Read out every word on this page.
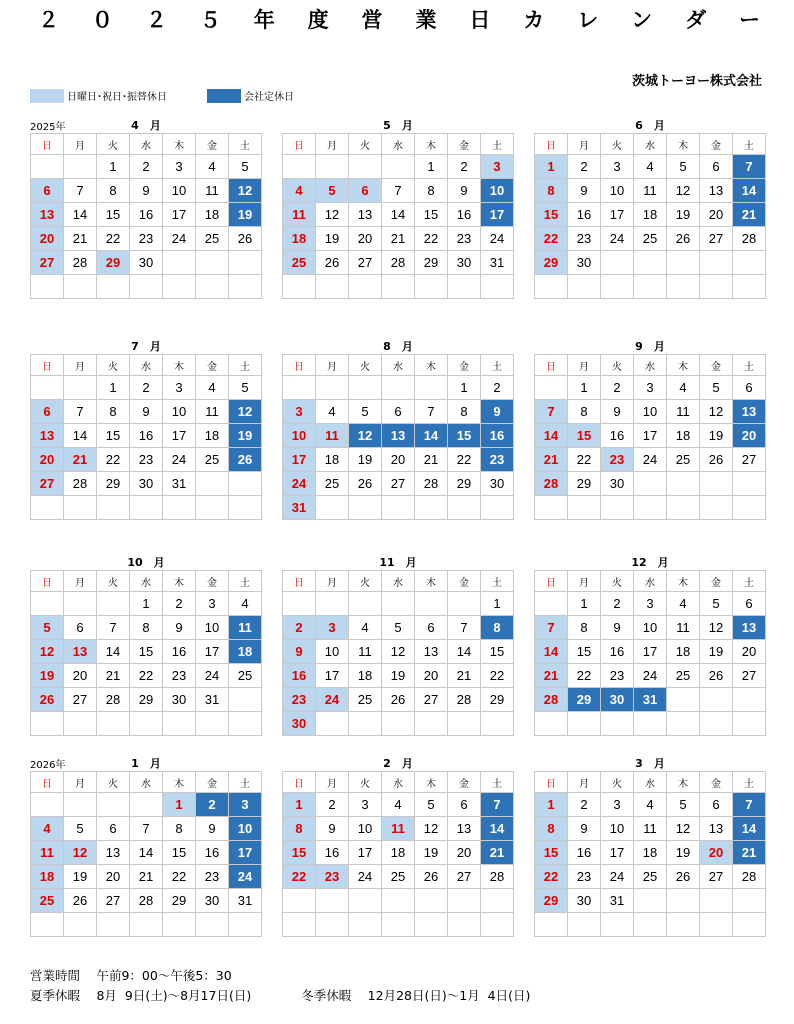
２ ０ ２ ５ 年 度 営 業 日 カ レ ン ダ ー
茨城トーヨー株式会社
日曜日･祝日･振替休日	会社定休日
2025年	4　月
日	月	火	水	木	金	土
		1	2	3	4	5
6	7	8	9	10	11	12
13	14	15	16	17	18	19
20	21	22	23	24	25	26
27	28	29	30			

5　月
日	月	火	水	木	金	土
				1	2	3
4	5	6	7	8	9	10
11	12	13	14	15	16	17
18	19	20	21	22	23	24
25	26	27	28	29	30	31

6　月
日	月	火	水	木	金	土
1	2	3	4	5	6	7
8	9	10	11	12	13	14
15	16	17	18	19	20	21
22	23	24	25	26	27	28
29	30					

7　月
日	月	火	水	木	金	土
		1	2	3	4	5
6	7	8	9	10	11	12
13	14	15	16	17	18	19
20	21	22	23	24	25	26
27	28	29	30	31		

8　月
日	月	火	水	木	金	土
					1	2
3	4	5	6	7	8	9
10	11	12	13	14	15	16
17	18	19	20	21	22	23
24	25	26	27	28	29	30
31						
9　月
日	月	火	水	木	金	土
	1	2	3	4	5	6
7	8	9	10	11	12	13
14	15	16	17	18	19	20
21	22	23	24	25	26	27
28	29	30				

10　月
日	月	火	水	木	金	土
			1	2	3	4
5	6	7	8	9	10	11
12	13	14	15	16	17	18
19	20	21	22	23	24	25
26	27	28	29	30	31	

11　月
日	月	火	水	木	金	土
						1
2	3	4	5	6	7	8
9	10	11	12	13	14	15
16	17	18	19	20	21	22
23	24	25	26	27	28	29
30						
12　月
日	月	火	水	木	金	土
	1	2	3	4	5	6
7	8	9	10	11	12	13
14	15	16	17	18	19	20
21	22	23	24	25	26	27
28	29	30	31			

2026年	1　月
日	月	火	水	木	金	土
				1	2	3
4	5	6	7	8	9	10
11	12	13	14	15	16	17
18	19	20	21	22	23	24
25	26	27	28	29	30	31

2　月
日	月	火	水	木	金	土
1	2	3	4	5	6	7
8	9	10	11	12	13	14
15	16	17	18	19	20	21
22	23	24	25	26	27	28

3　月
日	月	火	水	木	金	土
1	2	3	4	5	6	7
8	9	10	11	12	13	14
15	16	17	18	19	20	21
22	23	24	25	26	27	28
29	30	31				

営業時間　 午前9：00～午後5：30
夏季休暇　 8月  9日(土)～8月17日(日)	冬季休暇　 12月28日(日)～1月  4日(日)
